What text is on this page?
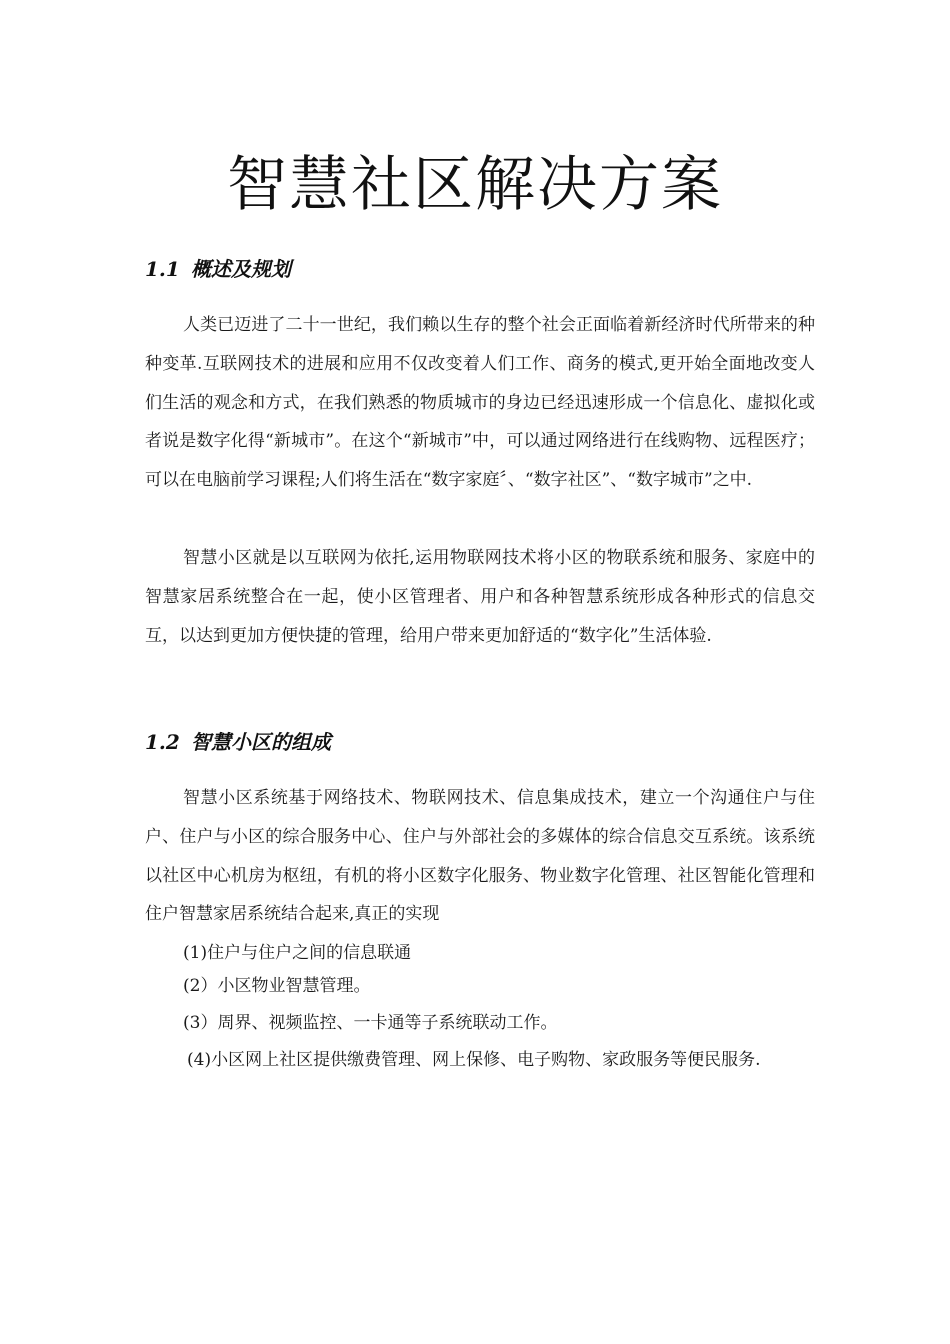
智慧社区解决方案
1.1 概述及规划

人类已迈进了二十一世纪，我们赖以生存的整个社会正面临着新经济时代所带来的种种变革.互联网技术的进展和应用不仅改变着人们工作、商务的模式,更开始全面地改变人们生活的观念和方式，在我们熟悉的物质城市的身边已经迅速形成一个信息化、虚拟化或者说是数字化得“新城市”。在这个“新城市”中，可以通过网络进行在线购物、远程医疗；可以在电脑前学习课程;人们将生活在“数字家庭〞、“数字社区”、“数字城市”之中.

智慧小区就是以互联网为依托,运用物联网技术将小区的物联系统和服务、家庭中的智慧家居系统整合在一起，使小区管理者、用户和各种智慧系统形成各种形式的信息交互，以达到更加方便快捷的管理，给用户带来更加舒适的“数字化”生活体验.

1.2 智慧小区的组成

智慧小区系统基于网络技术、物联网技术、信息集成技术，建立一个沟通住户与住户、住户与小区的综合服务中心、住户与外部社会的多媒体的综合信息交互系统。该系统以社区中心机房为枢纽，有机的将小区数字化服务、物业数字化管理、社区智能化管理和住户智慧家居系统结合起来,真正的实现

(1)住户与住户之间的信息联通

(2）小区物业智慧管理。

(3）周界、视频监控、一卡通等子系统联动工作。

(4)小区网上社区提供缴费管理、网上保修、电子购物、家政服务等便民服务.
